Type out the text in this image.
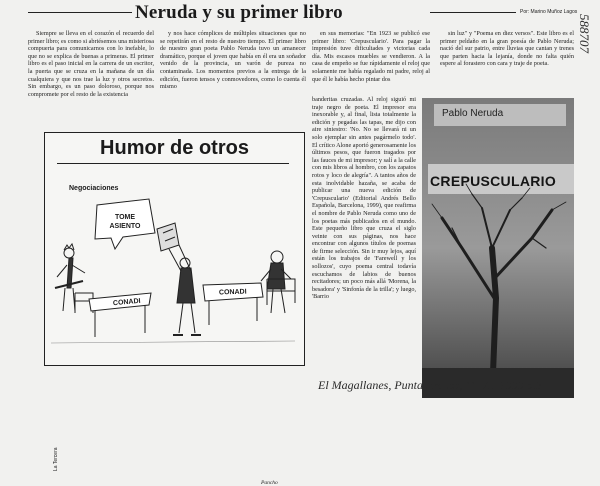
Neruda y su primer libro	Por: Marino Muñoz Lagos

Siempre se lleva en el corazón el recuerdo del primer libro; es como si abriésemos una misteriosa compuerta para comunicarnos con lo inefable, lo que no se explica de buenas a primeras. El primer libro es el paso inicial en la carrera de un escritor, la puerta que se cruza en la mañana de un día cualquiera y que nos trae la luz y otros secretos. Sin embargo, es un paso doloroso, porque nos compromete por el resto de la existencia

y nos hace cómplices de múltiples situaciones que no se repetirán en el resto de nuestro tiempo. El primer libro de nuestro gran poeta Pablo Neruda tuvo un amanecer dramático, porque el joven que había en él era un soñador venido de la provincia, un varón de pureza no contaminada. Los momentos previos a la entrega de la edición, fueron tensos y conmovedores, como lo cuenta él mismo

en sus memorias: "En 1923 se publicó ese primer libro: 'Crepusculario'. Para pagar la impresión tuve dificultades y victorias cada día. Mis escasos muebles se vendieron. A la casa de empeño se fue rápidamente el reloj que solamente me había regalado mi padre, reloj al que él le había hecho pintar dos

banderitas cruzadas. Al reloj siguió mi traje negro de poeta. El impresor era inexorable y, al final, lista totalmente la edición y pegadas las tapas, me dijo con aire siniestro: 'No. No se llevará ni un solo ejemplar sin antes pagármelo todo'. El crítico Alone aportó generosamente los últimos pesos, que fueron tragados por las fauces de mi impresor; y salí a la calle con mis libros al hombro, con los zapatos rotos y loco de alegría". A tantos años de esta inolvidable hazaña, se acaba de publicar una nueva edición de 'Crepusculario' (Editorial Andrés Bello Española, Barcelona, 1999), que reafirma el nombre de Pablo Neruda como uno de los poetas más publicados en el mundo. Este pequeño libro que cruza el siglo veinte con sus páginas, nos hace encontrar con algunos títulos de poemas de firme selección. Sin ir muy lejos, aquí están los trabajos de 'Farewell y los sollozos', cuyo poema central todavía escuchamos de labios de buenos recitadores; un poco más allá 'Morena, la besadora' y 'Sinfonía de la trilla'; y luego, 'Barrio

sin luz" y "Poema en diez versos". Este libro es el primer peldaño en la gran poesía de Pablo Neruda; nació del sur patrio, entre lluvias que cantan y trenes que parten hacia la lejanía, donde no falta quién espere al forastero con cara y traje de poeta.

Humor de otros
Negociaciones
TOME ASIENTO
CONADI
CONADI
La Tercera
Pancho
Pablo Neruda
CREPUSCULARIO
588707
El Magallanes, Punta Arenas, 11-VII-1999 p.3
